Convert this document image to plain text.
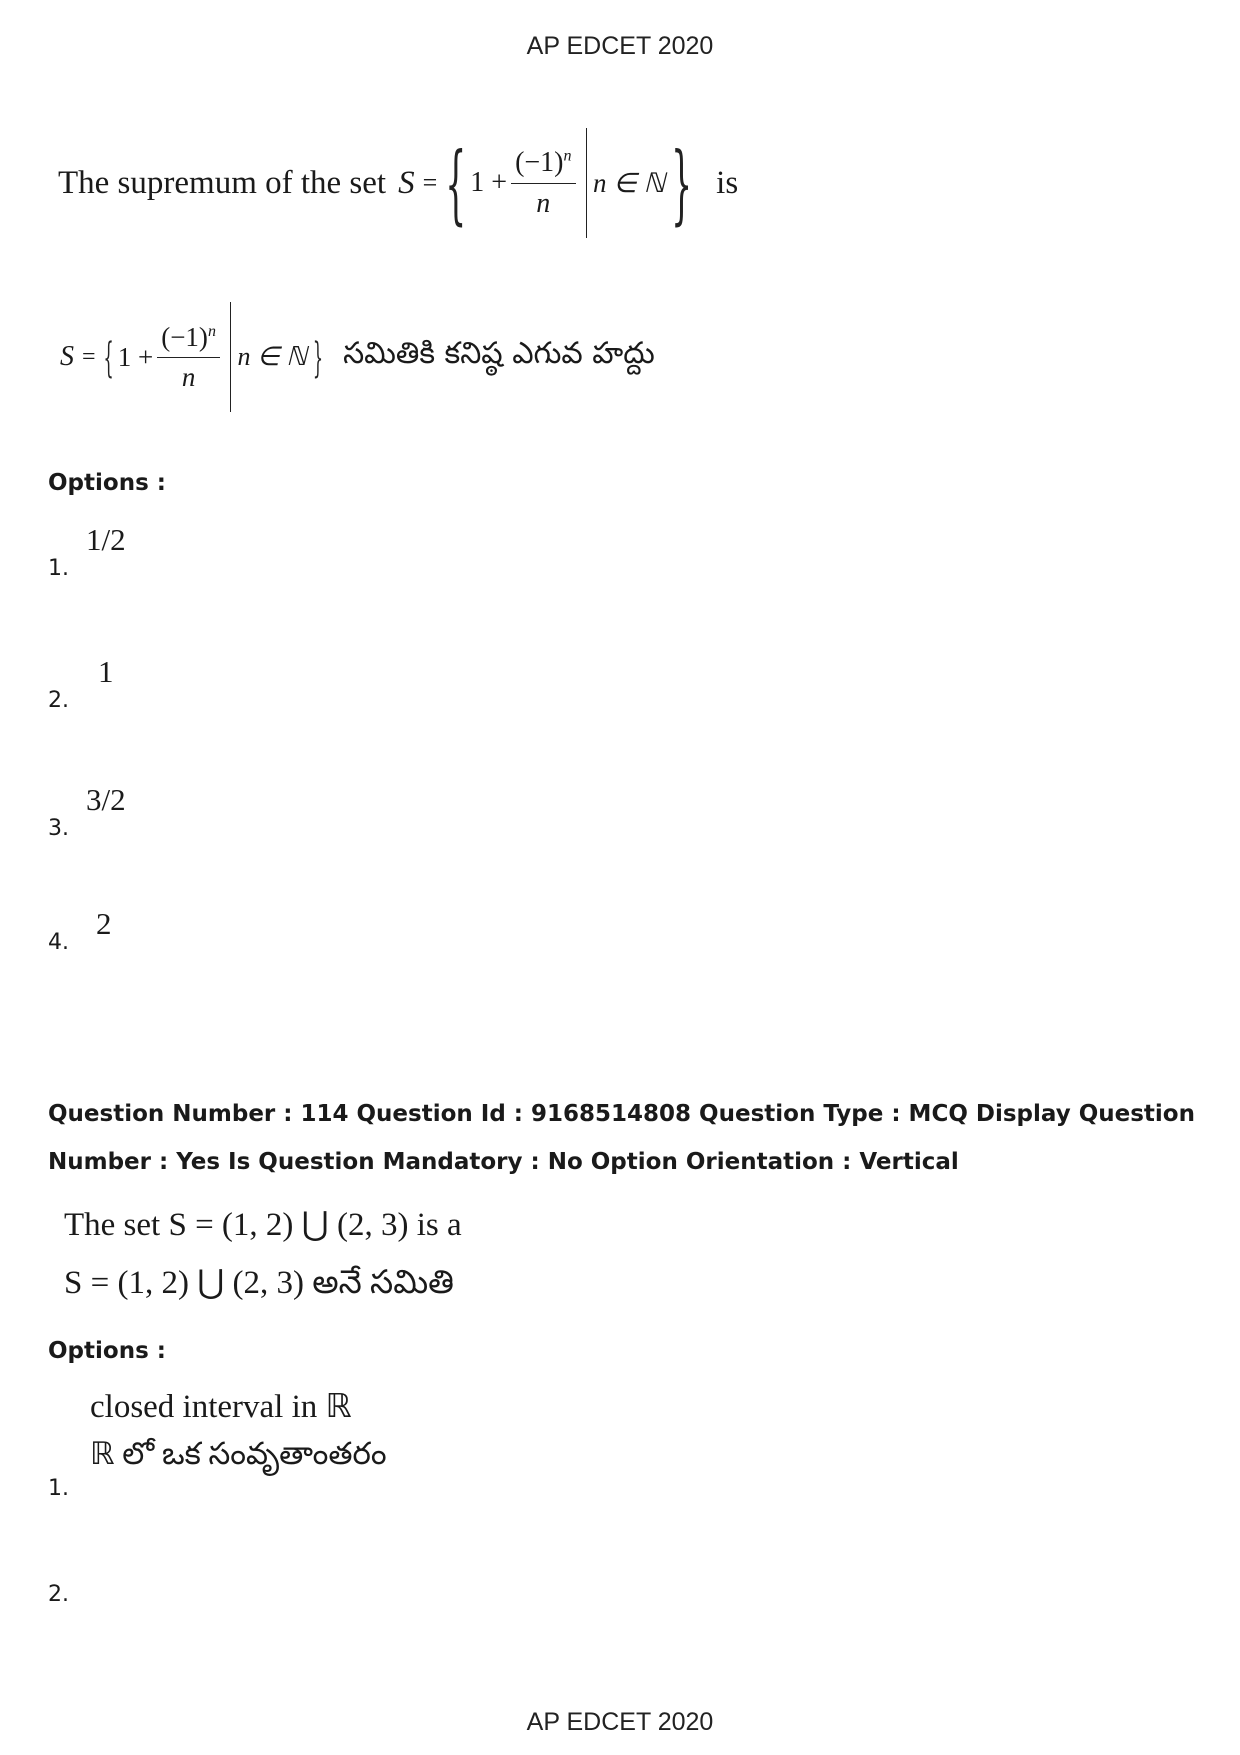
AP EDCET 2020
The supremum of the set S = { $1 + \frac{(-1)^n}{n}$ n ∈ ℕ } is
S = { $1 + \frac{(-1)^n}{n}$ n ∈ ℕ } సమితికి కనిష్ఠ ఎగువ హద్దు
Options :
1.
1/2
2.
1
3.
3/2
4.
2
Question Number : 114 Question Id : 9168514808 Question Type : MCQ Display Question
Number : Yes Is Question Mandatory : No Option Orientation : Vertical
The set S = (1, 2) ⋃ (2, 3) is a
S = (1, 2) ⋃ (2, 3) అనే సమితి
Options :
closed interval in ℝ
ℝ లో ఒక సంవృతాంతరం
1.
2.
AP EDCET 2020
